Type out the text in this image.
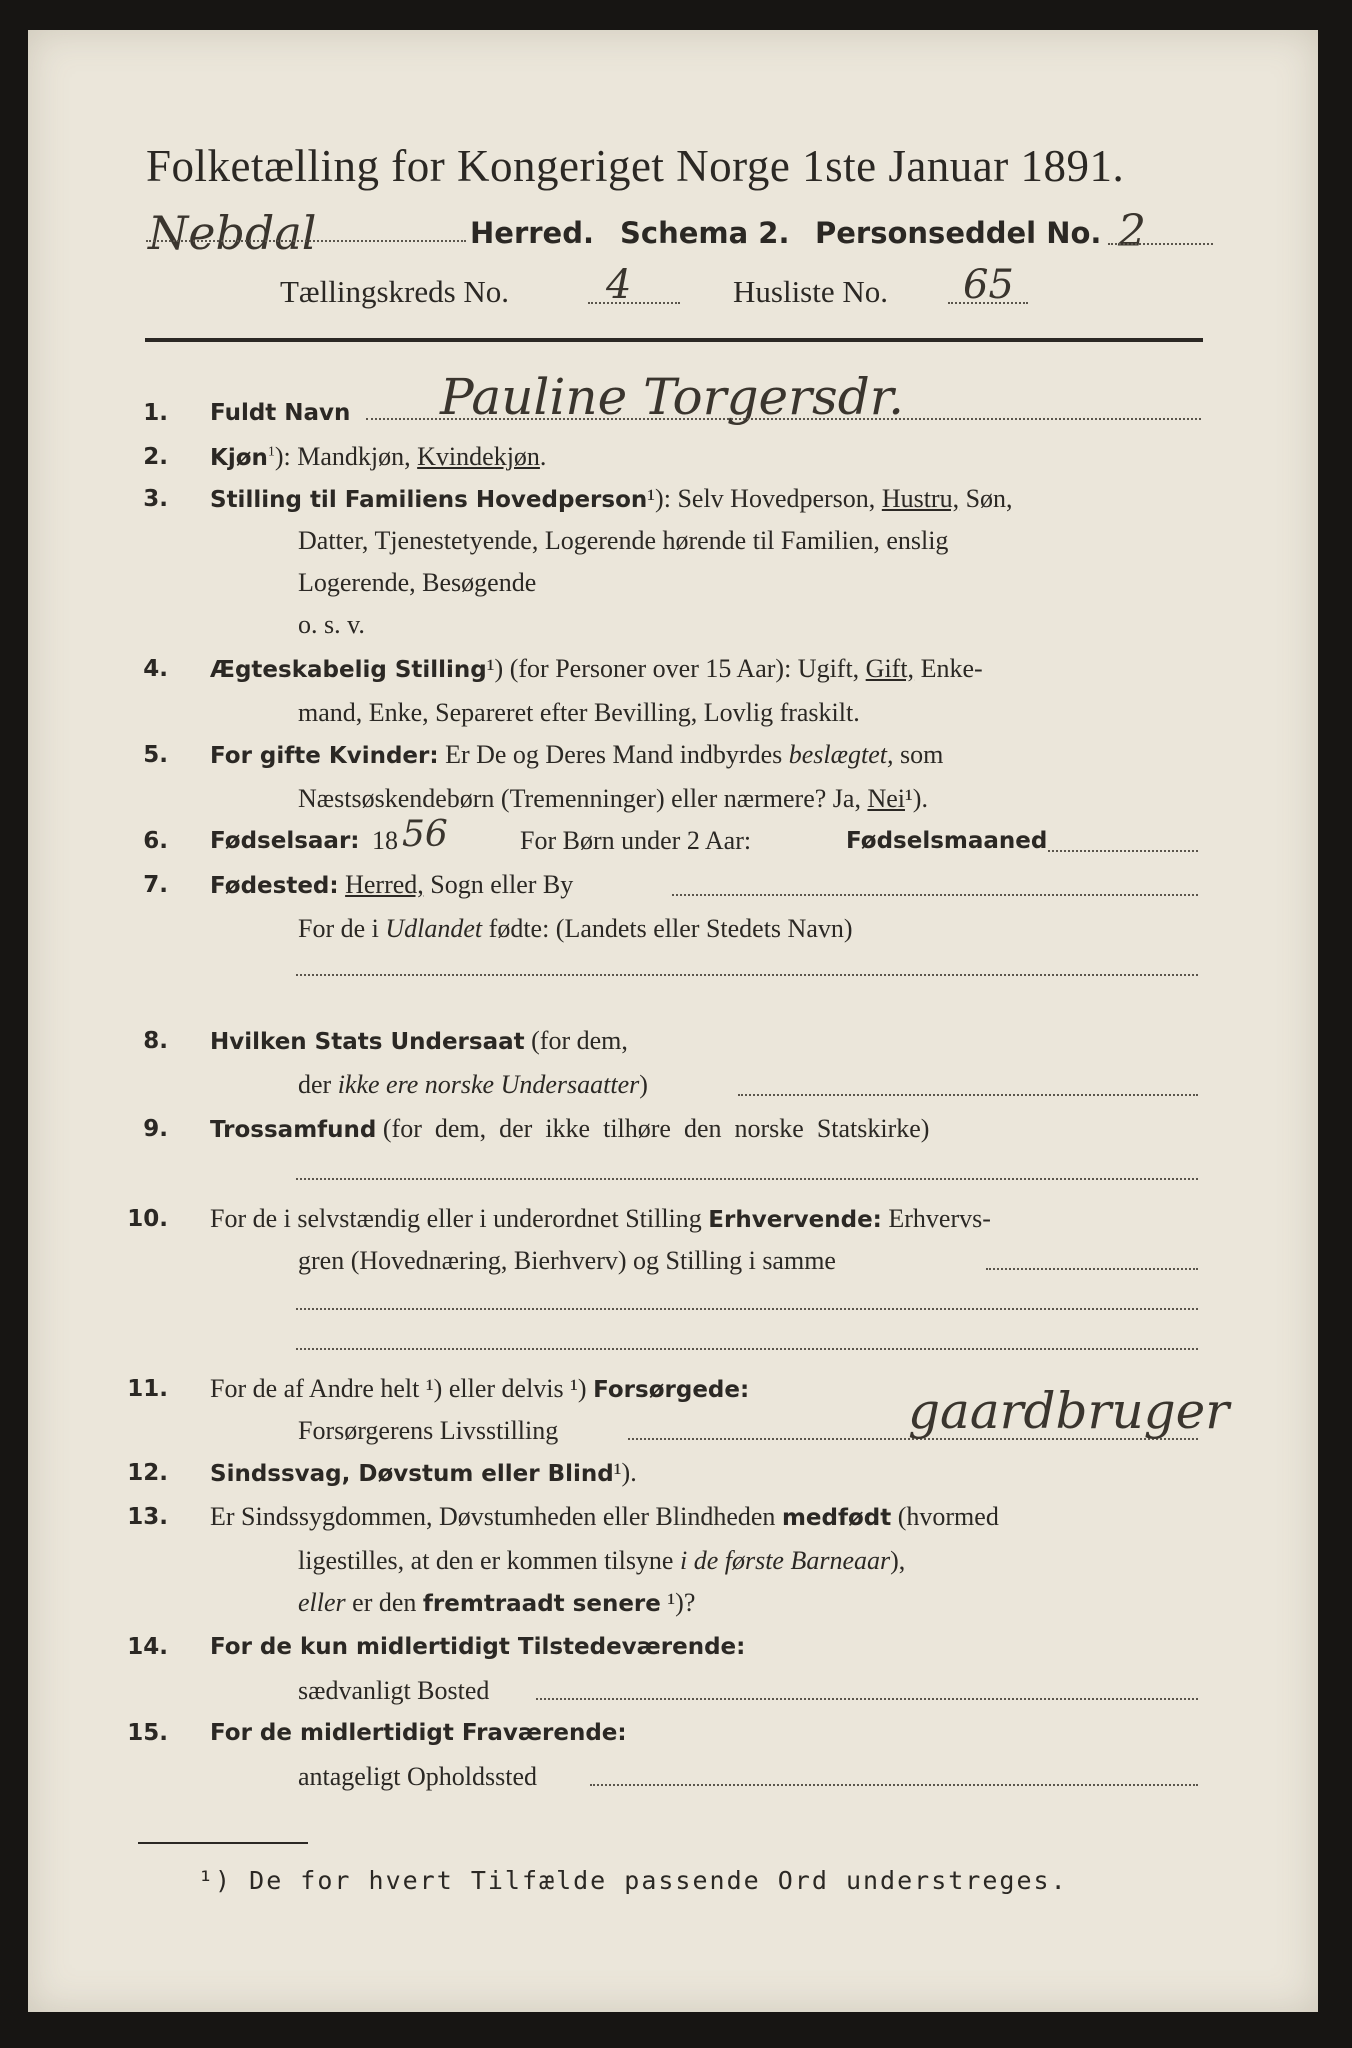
Folketælling for Kongeriget Norge 1ste Januar 1891.
Nebdal	Herred. Schema 2. Personseddel No. 2
Tællingskreds No. 4	Husliste No. 65
1. Fuldt Navn Pauline Torgersdr.
2. Kjøn$^1$): Mandkjøn, Kvindekjøn.
3. Stilling til Familiens Hovedperson¹): Selv Hovedperson, Hustru, Søn,
Datter, Tjenestetyende, Logerende hørende til Familien, enslig
Logerende, Besøgende
o. s. v.
4. Ægteskabelig Stilling¹) (for Personer over 15 Aar): Ugift, Gift, Enke-
mand, Enke, Separeret efter Bevilling, Lovlig fraskilt.
5. For gifte Kvinder: Er De og Deres Mand indbyrdes beslægtet, som
Næstsøskendebørn (Tremenninger) eller nærmere? Ja, Nei¹).
6. Fødselsaar: 18 56	For Børn under 2 Aar:	Fødselsmaaned
7. Fødested: Herred, Sogn eller By
For de i Udlandet fødte: (Landets eller Stedets Navn)
8. Hvilken Stats Undersaat (for dem,
der ikke ere norske Undersaatter)
9. Trossamfund (for  dem,  der  ikke  tilhøre  den  norske  Statskirke)
10. For de i selvstændig eller i underordnet Stilling Erhvervende: Erhvervs-
gren (Hovednæring, Bierhverv) og Stilling i samme
11. For de af Andre helt ¹) eller delvis ¹) Forsørgede:
Forsørgerens Livsstilling	gaardbruger
12. Sindssvag, Døvstum eller Blind¹).
13. Er Sindssygdommen, Døvstumheden eller Blindheden medfødt (hvormed
ligestilles, at den er kommen tilsyne i de første Barneaar),
eller er den fremtraadt senere ¹)?
14. For de kun midlertidigt Tilstedeværende:
sædvanligt Bosted
15. For de midlertidigt Fraværende:
antageligt Opholdssted
¹) De for hvert Tilfælde passende Ord understreges.
